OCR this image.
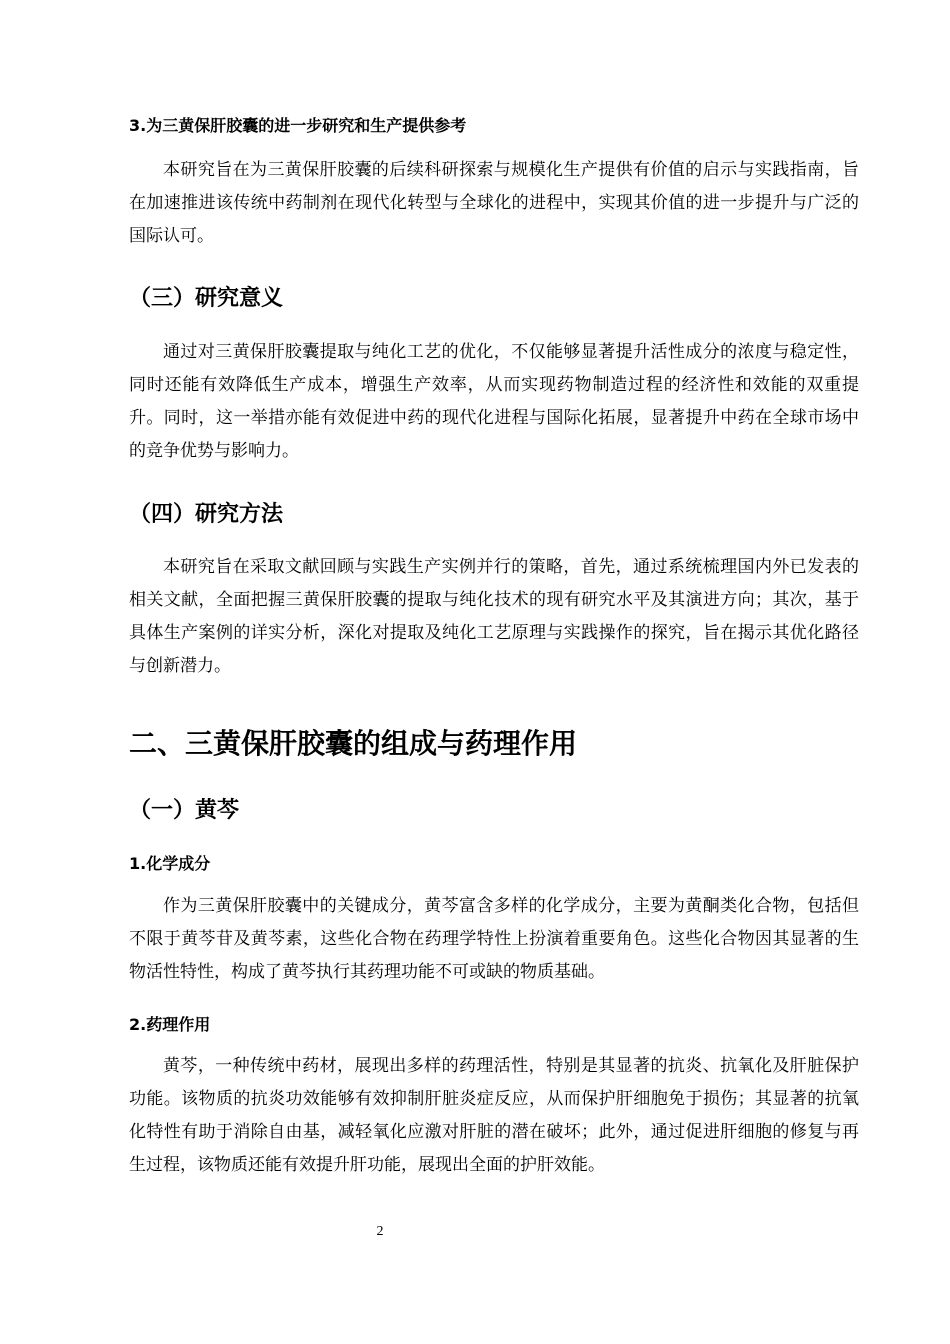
3.为三黄保肝胶囊的进一步研究和生产提供参考

本研究旨在为三黄保肝胶囊的后续科研探索与规模化生产提供有价值的启示与实践指南，旨在加速推进该传统中药制剂在现代化转型与全球化的进程中，实现其价值的进一步提升与广泛的国际认可。

（三）研究意义

通过对三黄保肝胶囊提取与纯化工艺的优化，不仅能够显著提升活性成分的浓度与稳定性，同时还能有效降低生产成本，增强生产效率，从而实现药物制造过程的经济性和效能的双重提升。同时，这一举措亦能有效促进中药的现代化进程与国际化拓展，显著提升中药在全球市场中的竞争优势与影响力。

（四）研究方法

本研究旨在采取文献回顾与实践生产实例并行的策略，首先，通过系统梳理国内外已发表的相关文献，全面把握三黄保肝胶囊的提取与纯化技术的现有研究水平及其演进方向；其次，基于具体生产案例的详实分析，深化对提取及纯化工艺原理与实践操作的探究，旨在揭示其优化路径与创新潜力。

二、三黄保肝胶囊的组成与药理作用

（一）黄芩

1.化学成分

作为三黄保肝胶囊中的关键成分，黄芩富含多样的化学成分，主要为黄酮类化合物，包括但不限于黄芩苷及黄芩素，这些化合物在药理学特性上扮演着重要角色。这些化合物因其显著的生物活性特性，构成了黄芩执行其药理功能不可或缺的物质基础。

2.药理作用

黄芩，一种传统中药材，展现出多样的药理活性，特别是其显著的抗炎、抗氧化及肝脏保护功能。该物质的抗炎功效能够有效抑制肝脏炎症反应，从而保护肝细胞免于损伤；其显著的抗氧化特性有助于消除自由基，减轻氧化应激对肝脏的潜在破坏；此外，通过促进肝细胞的修复与再生过程，该物质还能有效提升肝功能，展现出全面的护肝效能。

2
